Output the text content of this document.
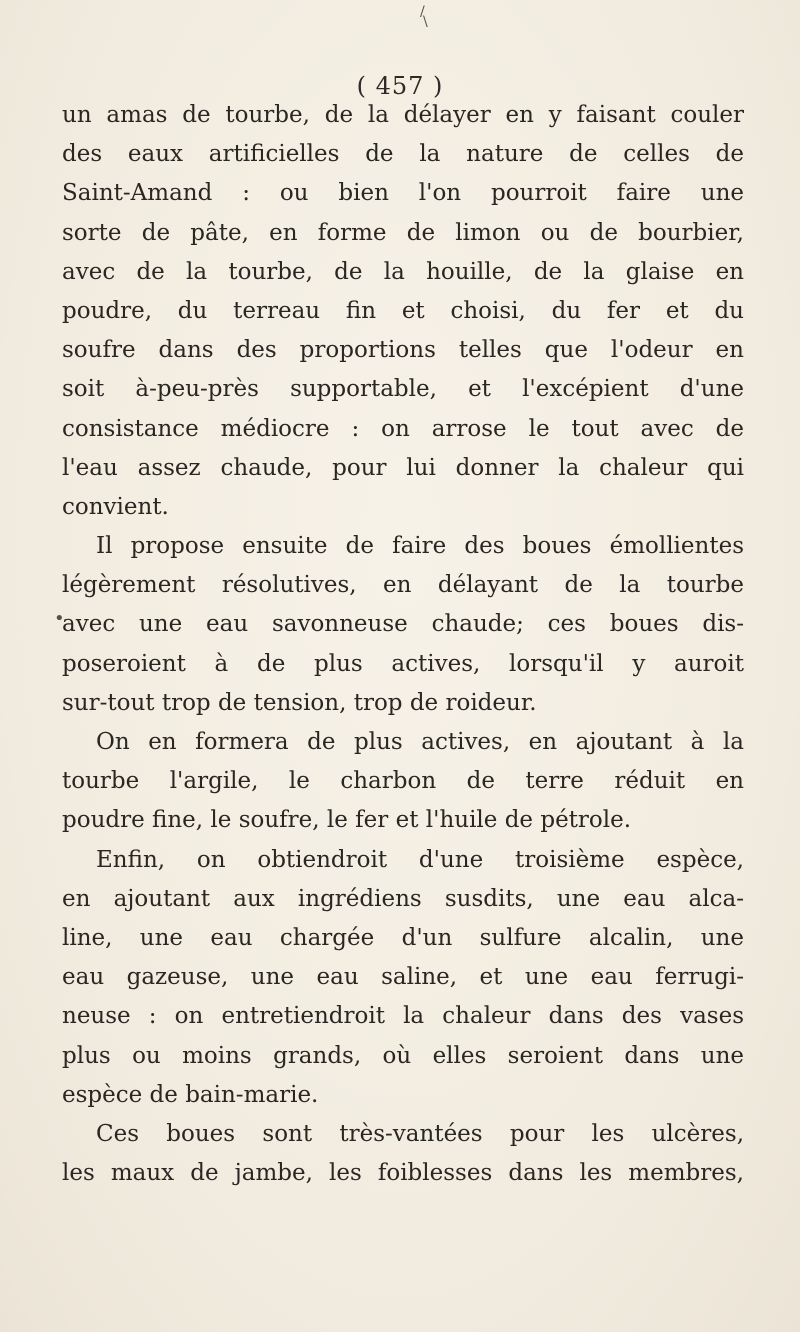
/
\
•
( 457 )
un amas de tourbe, de la délayer en y faisant couler
des eaux artificielles de la nature de celles de
Saint-Amand : ou bien l'on pourroit faire une
sorte de pâte, en forme de limon ou de bourbier,
avec de la tourbe, de la houille, de la glaise en
poudre, du terreau fin et choisi, du fer et du
soufre dans des proportions telles que l'odeur en
soit à-peu-près supportable, et l'excépient d'une
consistance médiocre : on arrose le tout avec de
l'eau assez chaude, pour lui donner la chaleur qui
convient.
Il propose ensuite de faire des boues émollientes
légèrement résolutives, en délayant de la tourbe
avec une eau savonneuse chaude; ces boues dis-
poseroient à de plus actives, lorsqu'il y auroit
sur-tout trop de tension, trop de roideur.
On en formera de plus actives, en ajoutant à la
tourbe l'argile, le charbon de terre réduit en
poudre fine, le soufre, le fer et l'huile de pétrole.
Enfin, on obtiendroit d'une troisième espèce,
en ajoutant aux ingrédiens susdits, une eau alca-
line, une eau chargée d'un sulfure alcalin, une
eau gazeuse, une eau saline, et une eau ferrugi-
neuse : on entretiendroit la chaleur dans des vases
plus ou moins grands, où elles seroient dans une
espèce de bain-marie.
Ces boues sont très-vantées pour les ulcères,
les maux de jambe, les foiblesses dans les membres,
